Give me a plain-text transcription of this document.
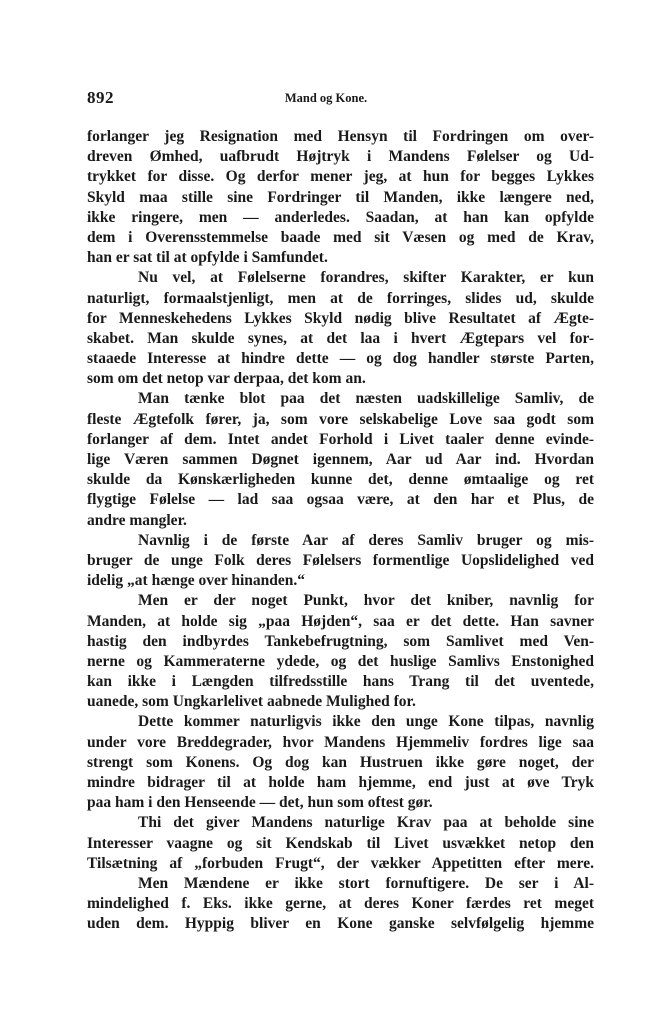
892	Mand og Kone.
forlanger jeg Resignation med Hensyn til Fordringen om over-
dreven Ømhed, uafbrudt Højtryk i Mandens Følelser og Ud-
trykket for disse. Og derfor mener jeg, at hun for begges Lykkes
Skyld maa stille sine Fordringer til Manden, ikke længere ned,
ikke ringere, men — anderledes. Saadan, at han kan opfylde
dem i Overensstemmelse baade med sit Væsen og med de Krav,
han er sat til at opfylde i Samfundet.
Nu vel, at Følelserne forandres, skifter Karakter, er kun
naturligt, formaalstjenligt, men at de forringes, slides ud, skulde
for Menneskehedens Lykkes Skyld nødig blive Resultatet af Ægte-
skabet. Man skulde synes, at det laa i hvert Ægtepars vel for-
staaede Interesse at hindre dette — og dog handler største Parten,
som om det netop var derpaa, det kom an.
Man tænke blot paa det næsten uadskillelige Samliv, de
fleste Ægtefolk fører, ja, som vore selskabelige Love saa godt som
forlanger af dem. Intet andet Forhold i Livet taaler denne evinde-
lige Væren sammen Døgnet igennem, Aar ud Aar ind. Hvordan
skulde da Kønskærligheden kunne det, denne ømtaalige og ret
flygtige Følelse — lad saa ogsaa være, at den har et Plus, de
andre mangler.
Navnlig i de første Aar af deres Samliv bruger og mis-
bruger de unge Folk deres Følelsers formentlige Uopslidelighed ved
idelig „at hænge over hinanden.“
Men er der noget Punkt, hvor det kniber, navnlig for
Manden, at holde sig „paa Højden“, saa er det dette. Han savner
hastig den indbyrdes Tankebefrugtning, som Samlivet med Ven-
nerne og Kammeraterne ydede, og det huslige Samlivs Enstonighed
kan ikke i Længden tilfredsstille hans Trang til det uventede,
uanede, som Ungkarlelivet aabnede Mulighed for.
Dette kommer naturligvis ikke den unge Kone tilpas, navnlig
under vore Breddegrader, hvor Mandens Hjemmeliv fordres lige saa
strengt som Konens. Og dog kan Hustruen ikke gøre noget, der
mindre bidrager til at holde ham hjemme, end just at øve Tryk
paa ham i den Henseende — det, hun som oftest gør.
Thi det giver Mandens naturlige Krav paa at beholde sine
Interesser vaagne og sit Kendskab til Livet usvækket netop den
Tilsætning af „forbuden Frugt“, der vækker Appetitten efter mere.
Men Mændene er ikke stort fornuftigere. De ser i Al-
mindelighed f. Eks. ikke gerne, at deres Koner færdes ret meget
uden dem. Hyppig bliver en Kone ganske selvfølgelig hjemme
